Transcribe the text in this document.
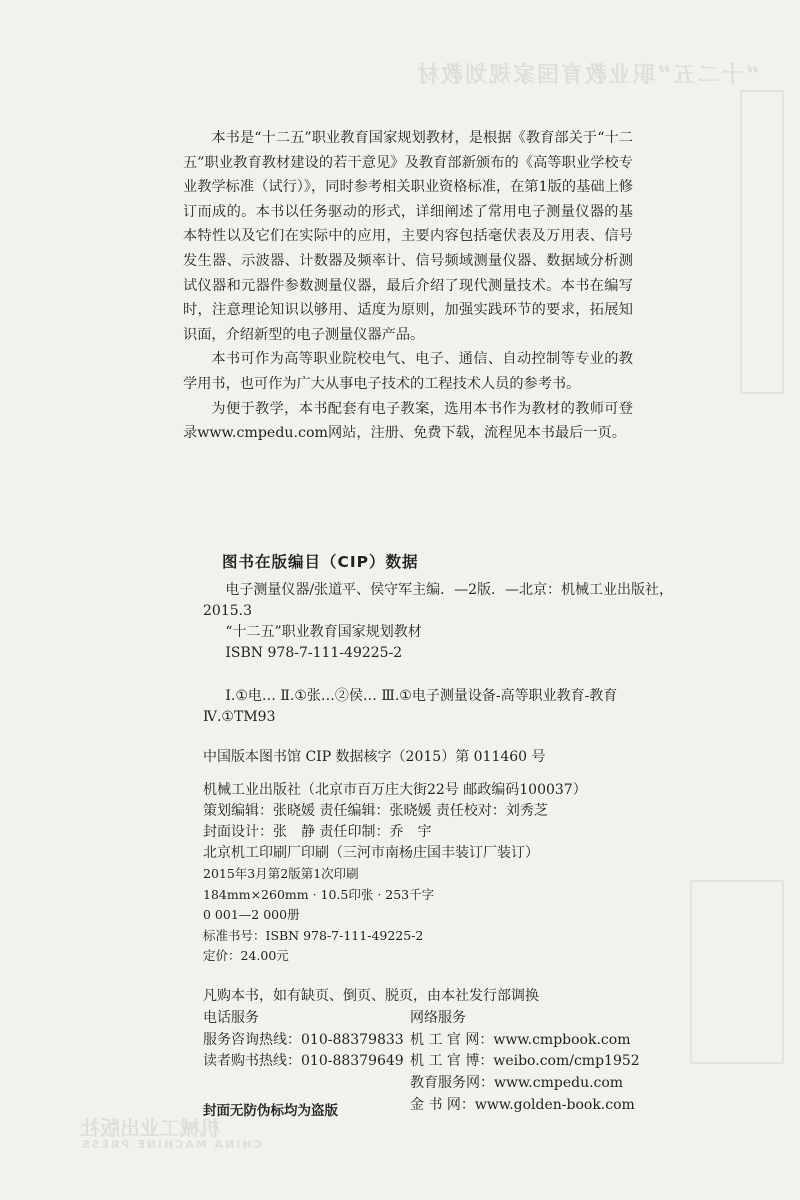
“十二五”职业教育国家规划教材
机械工业出版社
CHINA MACHINE PRESS

本书是“十二五”职业教育国家规划教材，是根据《教育部关于“十二五”职业教育教材建设的若干意见》及教育部新颁布的《高等职业学校专业教学标准（试行）》，同时参考相关职业资格标准，在第1版的基础上修订而成的。本书以任务驱动的形式，详细阐述了常用电子测量仪器的基本特性以及它们在实际中的应用，主要内容包括毫伏表及万用表、信号发生器、示波器、计数器及频率计、信号频域测量仪器、数据域分析测试仪器和元器件参数测量仪器，最后介绍了现代测量技术。本书在编写时，注意理论知识以够用、适度为原则，加强实践环节的要求，拓展知识面，介绍新型的电子测量仪器产品。

本书可作为高等职业院校电气、电子、通信、自动控制等专业的教学用书，也可作为广大从事电子技术的工程技术人员的参考书。

为便于教学，本书配套有电子教案，选用本书作为教材的教师可登录www.cmpedu.com网站，注册、免费下载，流程见本书最后一页。

图书在版编目（CIP）数据

电子测量仪器/张道平、侯守军主编．—2版．—北京：机械工业出版社，2015.3

“十二五”职业教育国家规划教材

ISBN 978-7-111-49225-2

Ⅰ.①电… Ⅱ.①张…②侯… Ⅲ.①电子测量设备-高等职业教育-教育 Ⅳ.①TM93

中国版本图书馆 CIP 数据核字（2015）第 011460 号

机械工业出版社（北京市百万庄大街22号 邮政编码100037）

策划编辑：张晓媛 责任编辑：张晓媛 责任校对：刘秀芝

封面设计：张　静 责任印制：乔　宇

北京机工印刷厂印刷（三河市南杨庄国丰装订厂装订）

2015年3月第2版第1次印刷

184mm×260mm · 10.5印张 · 253千字

0 001—2 000册

标准书号：ISBN 978-7-111-49225-2

定价：24.00元

凡购本书，如有缺页、倒页、脱页，由本社发行部调换

电话服务

服务咨询热线：010-88379833

读者购书热线：010-88379649

封面无防伪标均为盗版

网络服务

机 工 官 网：www.cmpbook.com

机 工 官 博：weibo.com/cmp1952

教育服务网：www.cmpedu.com

金 书 网：www.golden-book.com
